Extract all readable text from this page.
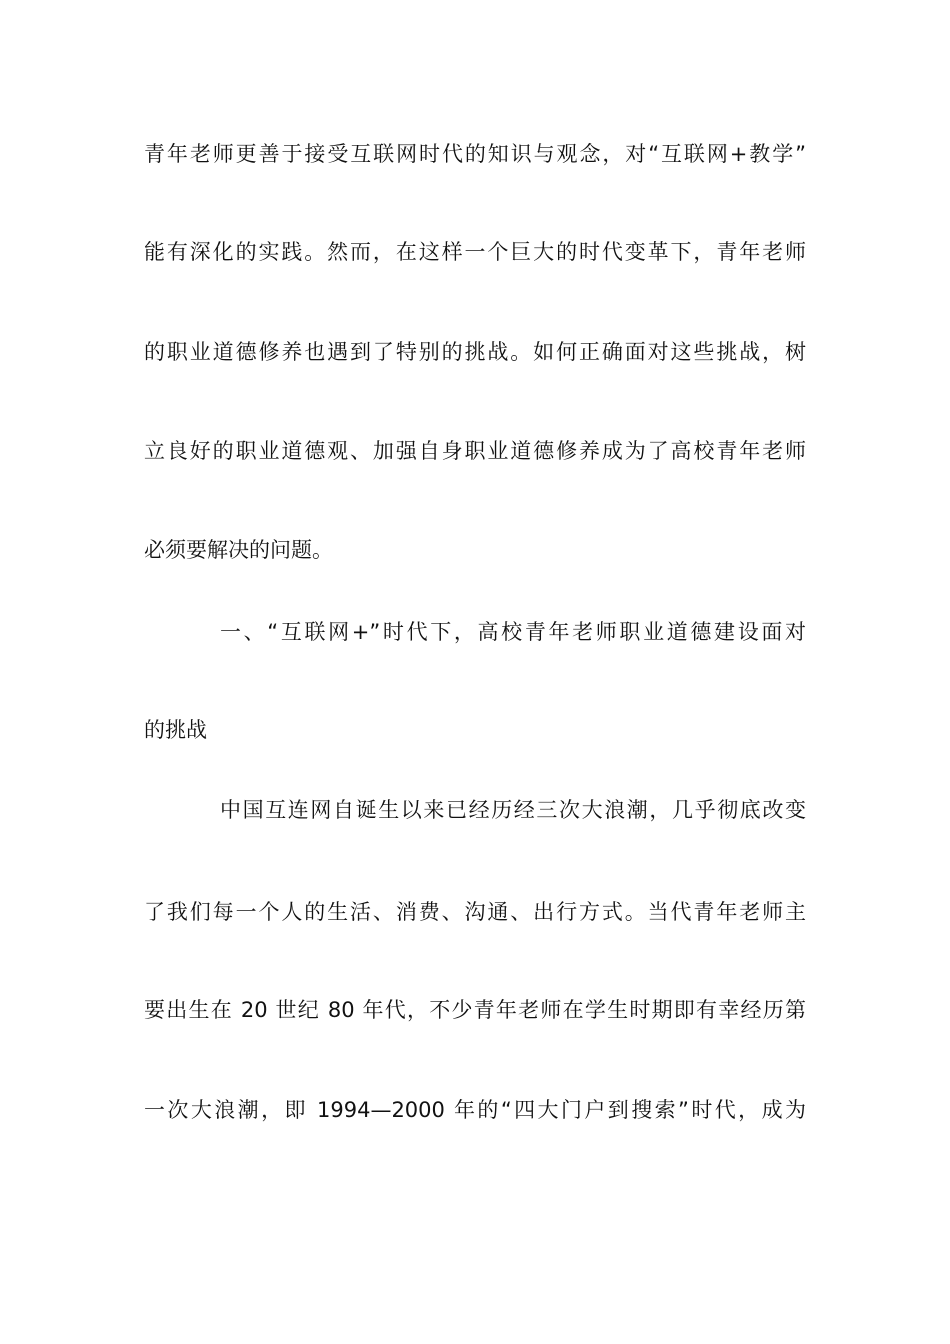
青年老师更善于接受互联网时代的知识与观念，对“互联网+教学”
能有深化的实践。然而，在这样一个巨大的时代变革下，青年老师
的职业道德修养也遇到了特别的挑战。如何正确面对这些挑战，树
立良好的职业道德观、加强自身职业道德修养成为了高校青年老师
必须要解决的问题。
一、“互联网+”时代下，高校青年老师职业道德建设面对
的挑战
中国互连网自诞生以来已经历经三次大浪潮，几乎彻底改变
了我们每一个人的生活、消费、沟通、出行方式。当代青年老师主
要出生在 20 世纪 80 年代，不少青年老师在学生时期即有幸经历第
一次大浪潮，即 1994—2000 年的“四大门户到搜索”时代，成为
